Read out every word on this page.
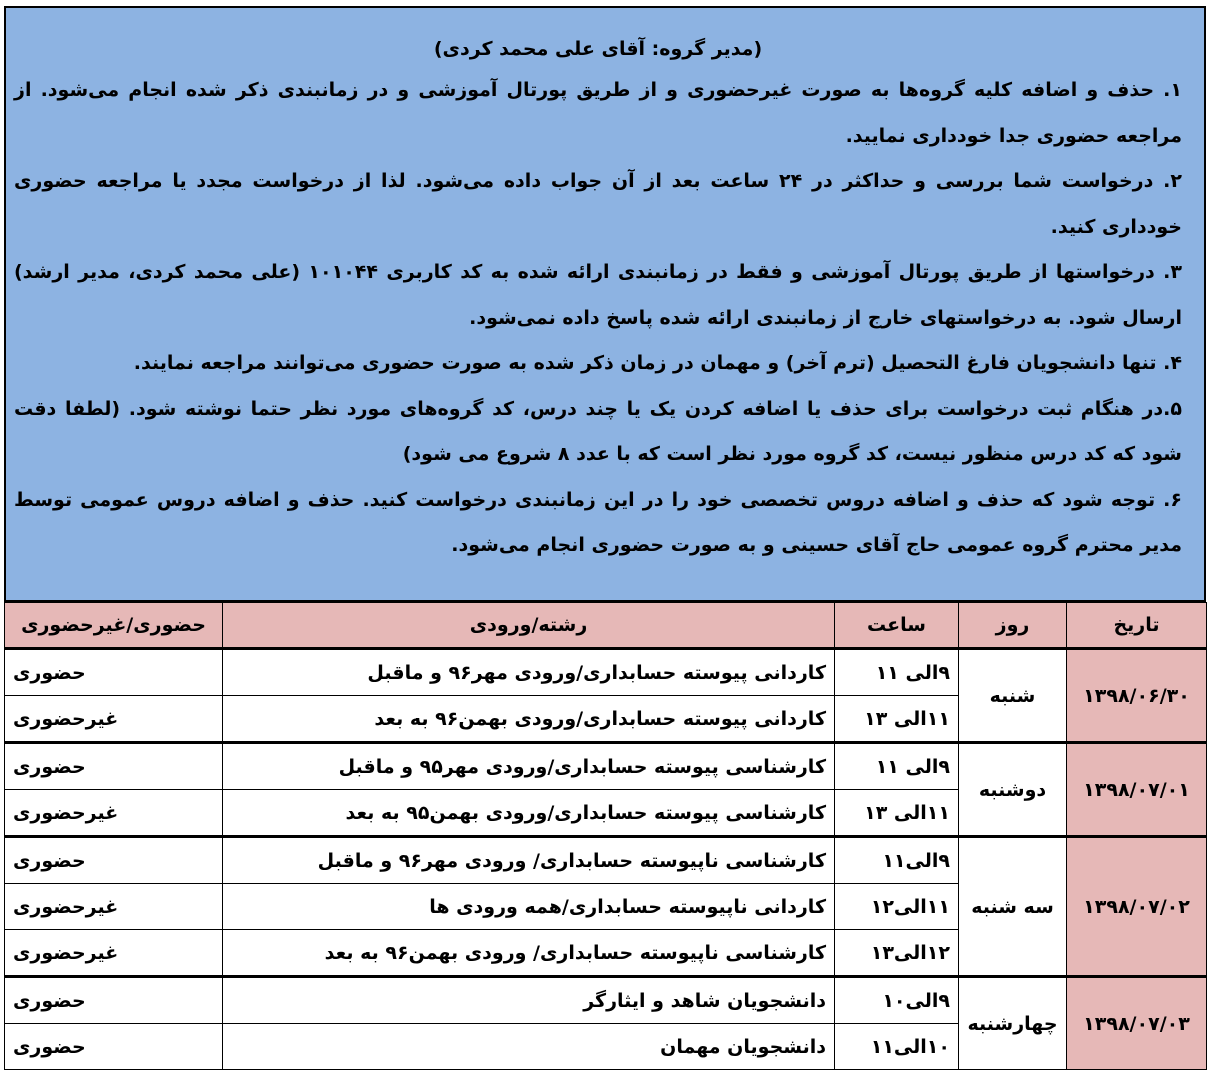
(مدیر گروه: آقای علی محمد کردی)

۱. حذف و اضافه کلیه گروه‌ها به صورت غیرحضوری و از طریق پورتال آموزشی و در زمانبندی ذکر شده انجام می‌شود. از مراجعه حضوری جدا خودداری نمایید.

۲. درخواست شما بررسی و حداکثر در ۲۴ ساعت بعد از آن جواب داده می‌شود. لذا از درخواست مجدد یا مراجعه حضوری خودداری کنید.

۳. درخواستها از طریق پورتال آموزشی و فقط در زمانبندی ارائه شده به کد کاربری ۱۰۱۰۴۴ (علی محمد کردی، مدیر ارشد) ارسال شود. به درخواستهای خارج از زمانبندی ارائه شده پاسخ داده نمی‌شود.

۴. تنها دانشجویان فارغ التحصیل (ترم آخر) و مهمان در زمان ذکر شده به صورت حضوری می‌توانند مراجعه نمایند.

۵.در هنگام ثبت درخواست برای حذف یا اضافه کردن یک یا چند درس، کد گروه‌های مورد نظر حتما نوشته شود. (لطفا دقت شود که کد درس منظور نیست، کد گروه مورد نظر است که با عدد ۸ شروع می شود)

۶. توجه شود که حذف و اضافه دروس تخصصی خود را در این زمانبندی درخواست کنید. حذف و اضافه دروس عمومی توسط مدیر محترم گروه عمومی حاج آقای حسینی و به صورت حضوری انجام می‌شود.

تاریخ	روز	ساعت	رشته/ورودی	حضوری/غیرحضوری
۱۳۹۸/۰۶/۳۰	شنبه	۹الی ۱۱	کاردانی پیوسته حسابداری/ورودی مهر۹۶ و ماقبل	حضوری
		۱۱الی ۱۳	کاردانی پیوسته حسابداری/ورودی بهمن۹۶ به بعد	غیرحضوری
۱۳۹۸/۰۷/۰۱	دوشنبه	۹الی ۱۱	کارشناسی پیوسته حسابداری/ورودی مهر۹۵ و ماقبل	حضوری
		۱۱الی ۱۳	کارشناسی پیوسته حسابداری/ورودی بهمن۹۵ به بعد	غیرحضوری
۱۳۹۸/۰۷/۰۲	سه شنبه	۹الی۱۱	کارشناسی ناپیوسته حسابداری/ ورودی مهر۹۶ و ماقبل	حضوری
		۱۱الی۱۲	کاردانی ناپیوسته حسابداری/همه ورودی ها	غیرحضوری
		۱۲الی۱۳	کارشناسی ناپیوسته حسابداری/ ورودی بهمن۹۶ به بعد	غیرحضوری
۱۳۹۸/۰۷/۰۳	چهارشنبه	۹الی۱۰	دانشجویان شاهد و ایثارگر	حضوری
		۱۰الی۱۱	دانشجویان مهمان	حضوری
